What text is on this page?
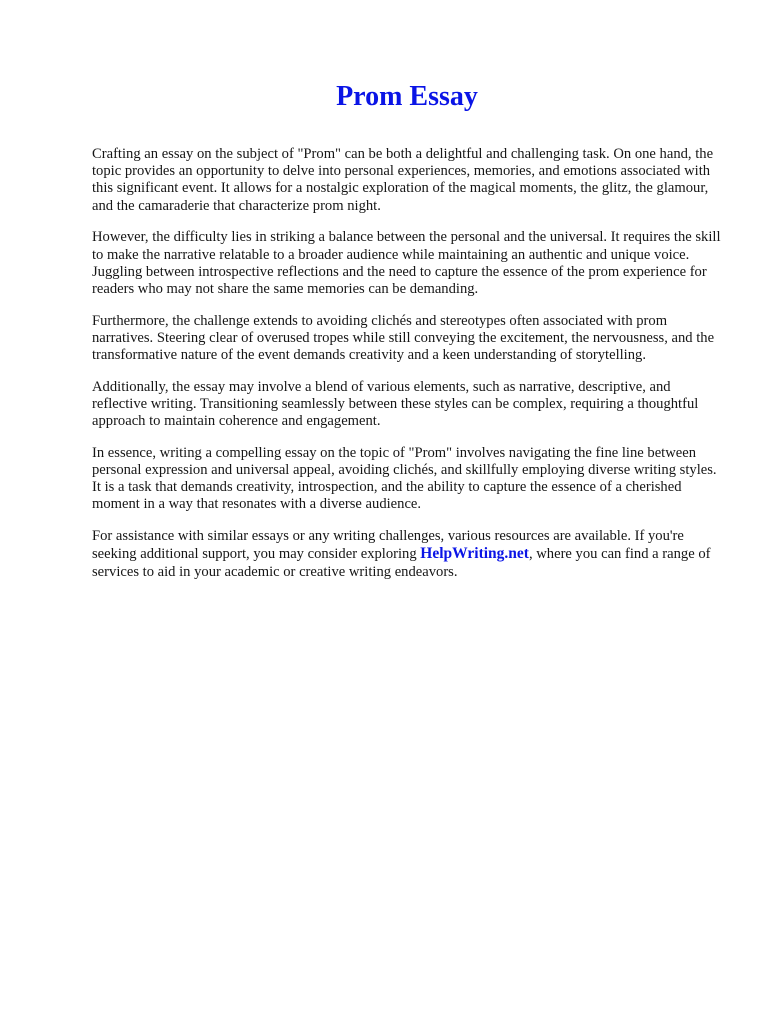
Prom Essay

Crafting an essay on the subject of "Prom" can be both a delightful and challenging task. On one hand, the topic provides an opportunity to delve into personal experiences, memories, and emotions associated with this significant event. It allows for a nostalgic exploration of the magical moments, the glitz, the glamour, and the camaraderie that characterize prom night.

However, the difficulty lies in striking a balance between the personal and the universal. It requires the skill to make the narrative relatable to a broader audience while maintaining an authentic and unique voice. Juggling between introspective reflections and the need to capture the essence of the prom experience for readers who may not share the same memories can be demanding.

Furthermore, the challenge extends to avoiding clichés and stereotypes often associated with prom narratives. Steering clear of overused tropes while still conveying the excitement, the nervousness, and the transformative nature of the event demands creativity and a keen understanding of storytelling.

Additionally, the essay may involve a blend of various elements, such as narrative, descriptive, and reflective writing. Transitioning seamlessly between these styles can be complex, requiring a thoughtful approach to maintain coherence and engagement.

In essence, writing a compelling essay on the topic of "Prom" involves navigating the fine line between personal expression and universal appeal, avoiding clichés, and skillfully employing diverse writing styles. It is a task that demands creativity, introspection, and the ability to capture the essence of a cherished moment in a way that resonates with a diverse audience.

For assistance with similar essays or any writing challenges, various resources are available. If you're seeking additional support, you may consider exploring HelpWriting.net, where you can find a range of services to aid in your academic or creative writing endeavors.
